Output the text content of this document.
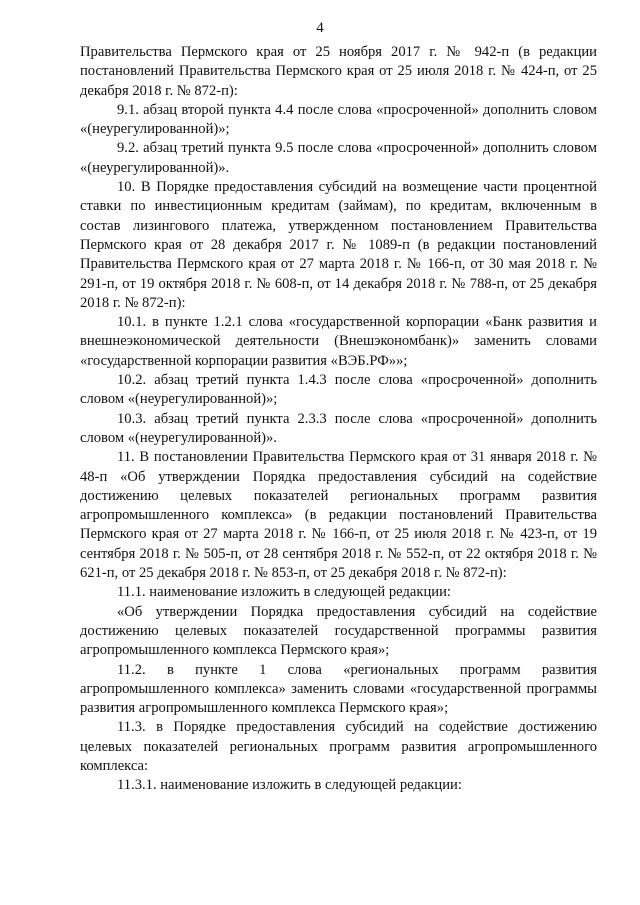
4

Правительства Пермского края от 25 ноября 2017 г. № 942-п (в редакции постановлений Правительства Пермского края от 25 июля 2018 г. № 424-п, от 25 декабря 2018 г. № 872-п):

9.1. абзац второй пункта 4.4 после слова «просроченной» дополнить словом «(неурегулированной)»;

9.2. абзац третий пункта 9.5 после слова «просроченной» дополнить словом «(неурегулированной)».

10. В Порядке предоставления субсидий на возмещение части процентной ставки по инвестиционным кредитам (займам), по кредитам, включенным в состав лизингового платежа, утвержденном постановлением Правительства Пермского края от 28 декабря 2017 г. № 1089-п (в редакции постановлений Правительства Пермского края от 27 марта 2018 г. № 166-п, от 30 мая 2018 г. № 291-п, от 19 октября 2018 г. № 608-п, от 14 декабря 2018 г. № 788-п, от 25 декабря 2018 г. № 872-п):

10.1. в пункте 1.2.1 слова «государственной корпорации «Банк развития и внешнеэкономической деятельности (Внешэкономбанк)» заменить словами «государственной корпорации развития «ВЭБ.РФ»»;

10.2. абзац третий пункта 1.4.3 после слова «просроченной» дополнить словом «(неурегулированной)»;

10.3. абзац третий пункта 2.3.3 после слова «просроченной» дополнить словом «(неурегулированной)».

11. В постановлении Правительства Пермского края от 31 января 2018 г. № 48-п «Об утверждении Порядка предоставления субсидий на содействие достижению целевых показателей региональных программ развития агропромышленного комплекса» (в редакции постановлений Правительства Пермского края от 27 марта 2018 г. № 166-п, от 25 июля 2018 г. № 423-п, от 19 сентября 2018 г. № 505-п, от 28 сентября 2018 г. № 552-п, от 22 октября 2018 г. № 621-п, от 25 декабря 2018 г. № 853-п, от 25 декабря 2018 г. № 872-п):

11.1. наименование изложить в следующей редакции:

«Об утверждении Порядка предоставления субсидий на содействие достижению целевых показателей государственной программы развития агропромышленного комплекса Пермского края»;

11.2. в пункте 1 слова «региональных программ развития агропромышленного комплекса» заменить словами «государственной программы развития агропромышленного комплекса Пермского края»;

11.3. в Порядке предоставления субсидий на содействие достижению целевых показателей региональных программ развития агропромышленного комплекса:

11.3.1. наименование изложить в следующей редакции:
